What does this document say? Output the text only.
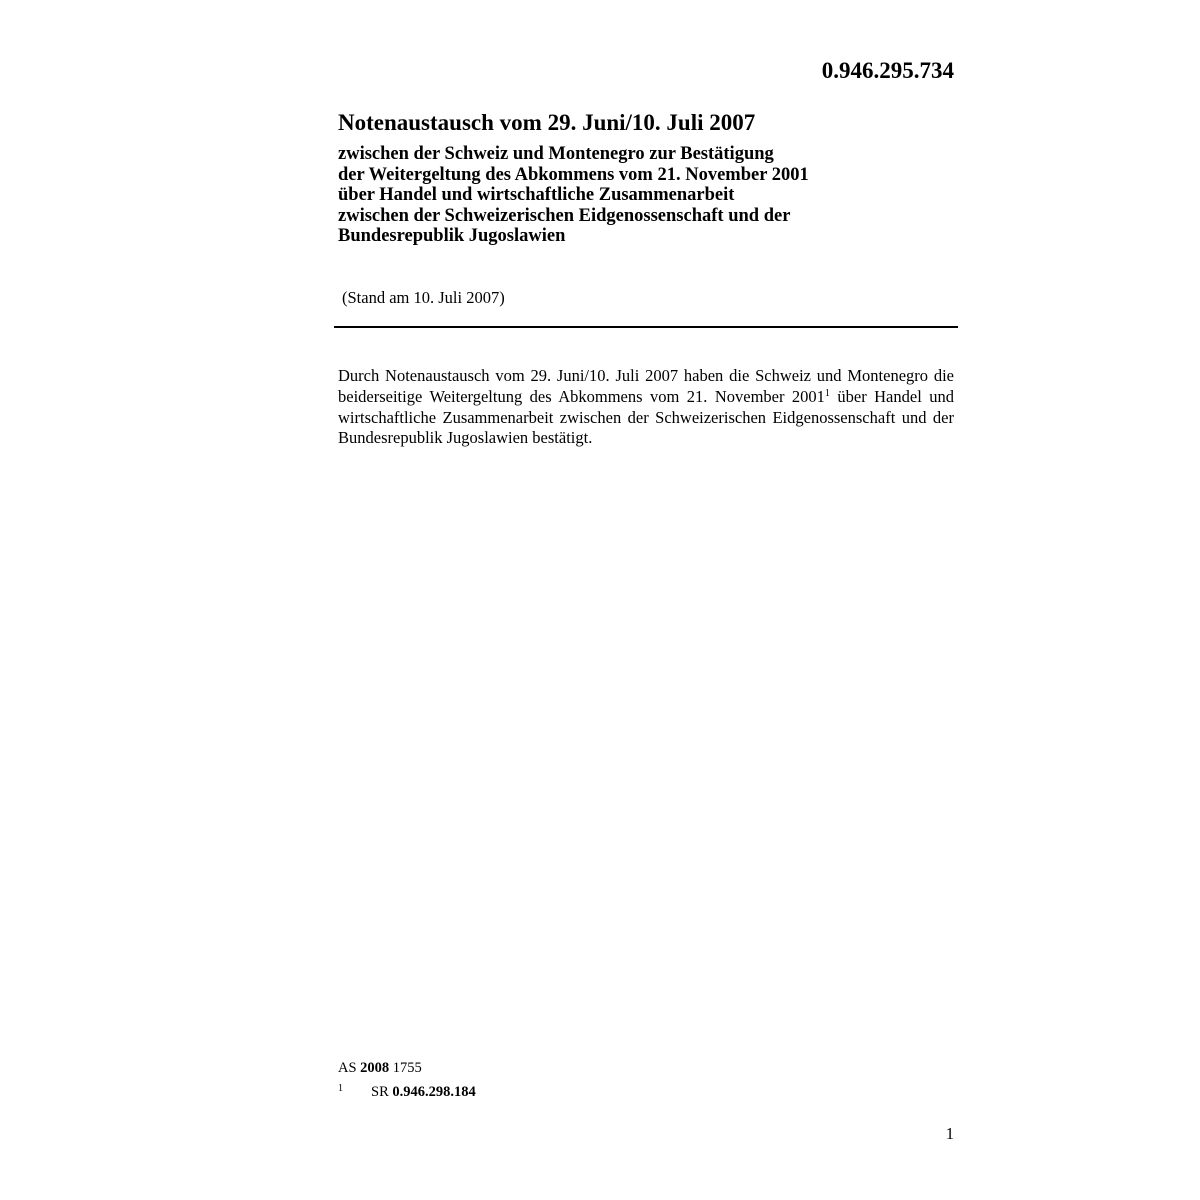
0.946.295.734
Notenaustausch vom 29. Juni/10. Juli 2007
zwischen der Schweiz und Montenegro zur Bestätigung
der Weitergeltung des Abkommens vom 21. November 2001
über Handel und wirtschaftliche Zusammenarbeit
zwischen der Schweizerischen Eidgenossenschaft und der
Bundesrepublik Jugoslawien
(Stand am 10. Juli 2007)
Durch Notenaustausch vom 29. Juni/10. Juli 2007 haben die Schweiz und Montenegro die beiderseitige Weitergeltung des Abkommens vom 21. November 2001$^1$ über Handel und wirtschaftliche Zusammenarbeit zwischen der Schweizerischen Eidgenossenschaft und der Bundesrepublik Jugoslawien bestätigt.
AS 2008 1755
1 SR 0.946.298.184
1
